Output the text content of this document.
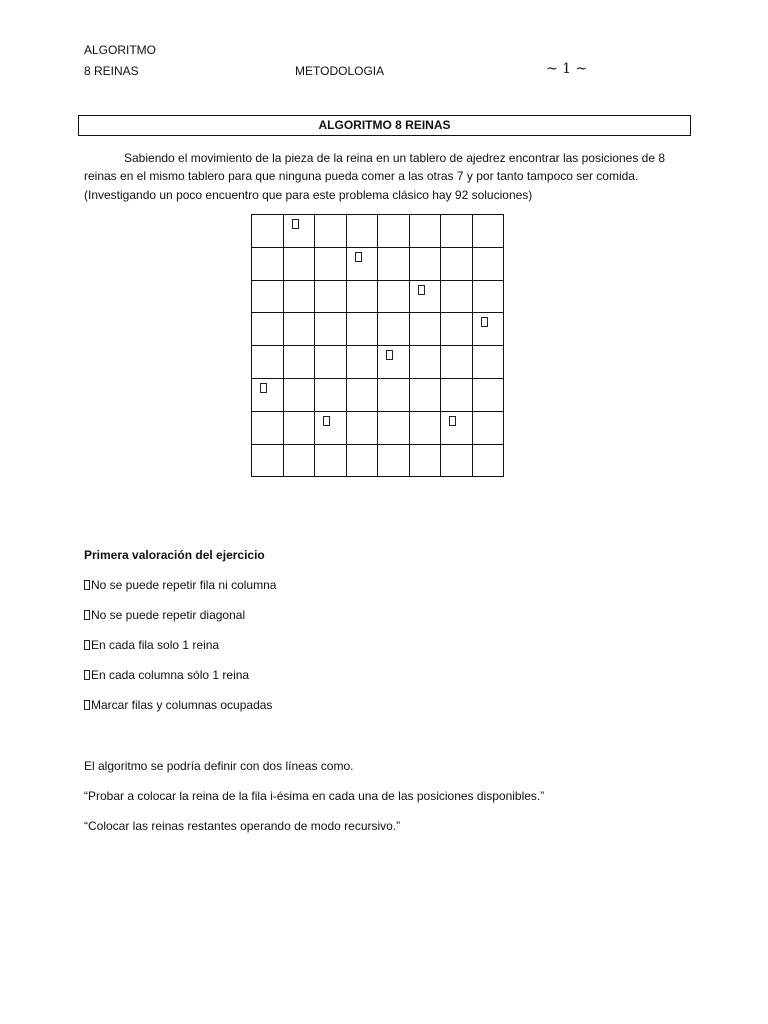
ALGORITMO
8 REINAS	METODOLOGIA	~ 1 ~
ALGORITMO 8 REINAS
Sabiendo el movimiento de la pieza de la reina en un tablero de ajedrez encontrar las posiciones de 8 reinas en el mismo tablero para que ninguna pueda comer a las otras 7 y por tanto tampoco ser comida. (Investigando un poco encuentro que para este problema clásico hay 92 soluciones)

Primera valoración del ejercicio
No se puede repetir fila ni columna
No se puede repetir diagonal
En cada fila solo 1 reina
En cada columna sólo 1 reina
Marcar filas y columnas ocupadas
El algoritmo se podría definir con dos líneas como.
“Probar a colocar la reina de la fila i-ésima en cada una de las posiciones disponibles.”
“Colocar las reinas restantes operando de modo recursivo.”
